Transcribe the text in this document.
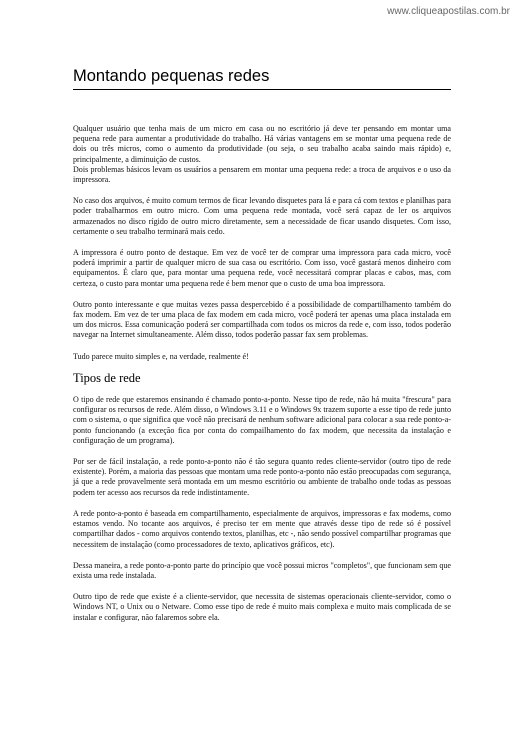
www.cliqueapostilas.com.br
Montando pequenas redes

Qualquer usuário que tenha mais de um micro em casa ou no escritório já deve ter pensando em montar uma pequena rede para aumentar a produtividade do trabalho. Há várias vantagens em se montar uma pequena rede de dois ou três micros, como o aumento da produtividade (ou seja, o seu trabalho acaba saindo mais rápido) e, principalmente, a diminuição de custos.

Dois problemas básicos levam os usuários a pensarem em montar uma pequena rede: a troca de arquivos e o uso da impressora.

No caso dos arquivos, é muito comum termos de ficar levando disquetes para lá e para cá com textos e planilhas para poder trabalharmos em outro micro. Com uma pequena rede montada, você será capaz de ler os arquivos armazenados no disco rígido de outro micro diretamente, sem a necessidade de ficar usando disquetes. Com isso, certamente o seu trabalho terminará mais cedo.

A impressora é outro ponto de destaque. Em vez de você ter de comprar uma impressora para cada micro, você poderá imprimir a partir de qualquer micro de sua casa ou escritório. Com isso, você gastará menos dinheiro com equipamentos. É claro que, para montar uma pequena rede, você necessitará comprar placas e cabos, mas, com certeza, o custo para montar uma pequena rede é bem menor que o custo de uma boa impressora.

Outro ponto interessante e que muitas vezes passa despercebido é a possibilidade de compartilhamento também do fax modem. Em vez de ter uma placa de fax modem em cada micro, você poderá ter apenas uma placa instalada em um dos micros. Essa comunicação poderá ser compartilhada com todos os micros da rede e, com isso, todos poderão navegar na Internet simultaneamente. Além disso, todos poderão passar fax sem problemas.

Tudo parece muito simples e, na verdade, realmente é!

Tipos de rede

O tipo de rede que estaremos ensinando é chamado ponto-a-ponto. Nesse tipo de rede, não há muita "frescura" para configurar os recursos de rede. Além disso, o Windows 3.11 e o Windows 9x trazem suporte a esse tipo de rede junto com o sistema, o que significa que você não precisará de nenhum software adicional para colocar a sua rede ponto-a-ponto funcionando (a exceção fica por conta do compailhamento do fax modem, que necessita da instalação e configuração de um programa).

Por ser de fácil instalação, a rede ponto-a-ponto não é tão segura quanto redes cliente-servidor (outro tipo de rede existente). Porém, a maioria das pessoas que montam uma rede ponto-a-ponto não estão preocupadas com segurança, já que a rede provavelmente será montada em um mesmo escritório ou ambiente de trabalho onde todas as pessoas podem ter acesso aos recursos da rede indistintamente.

A rede ponto-a-ponto é baseada em compartilhamento, especialmente de arquivos, impressoras e fax modems, como estamos vendo. No tocante aos arquivos, é preciso ter em mente que através desse tipo de rede só é possível compartilhar dados - como arquivos contendo textos, planilhas, etc -, não sendo possível compartilhar programas que necessitem de instalação (como processadores de texto, aplicativos gráficos, etc).

Dessa maneira, a rede ponto-a-ponto parte do princípio que você possui micros "completos", que funcionam sem que exista uma rede instalada.

Outro tipo de rede que existe é a cliente-servidor, que necessita de sistemas operacionais cliente-servidor, como o Windows NT, o Unix ou o Netware. Como esse tipo de rede é muito mais complexa e muito mais complicada de se instalar e configurar, não falaremos sobre ela.
